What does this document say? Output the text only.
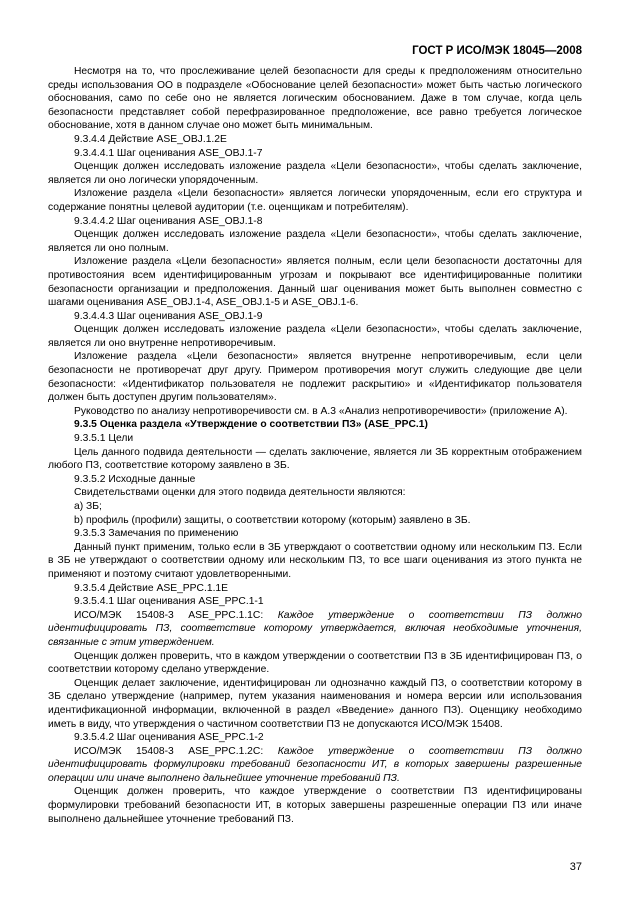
ГОСТ Р ИСО/МЭК 18045—2008

Несмотря на то, что прослеживание целей безопасности для среды к предположениям относительно среды использования ОО в подразделе «Обоснование целей безопасности» может быть частью логического обоснования, само по себе оно не является логическим обоснованием. Даже в том случае, когда цель безопасности представляет собой перефразированное предположение, все равно требуется логическое обоснование, хотя в данном случае оно может быть минимальным.

9.3.4.4 Действие ASE_OBJ.1.2E

9.3.4.4.1 Шаг оценивания ASE_OBJ.1-7

Оценщик должен исследовать изложение раздела «Цели безопасности», чтобы сделать заключение, является ли оно логически упорядоченным.

Изложение раздела «Цели безопасности» является логически упорядоченным, если его структура и содержание понятны целевой аудитории (т.е. оценщикам и потребителям).

9.3.4.4.2 Шаг оценивания ASE_OBJ.1-8

Оценщик должен исследовать изложение раздела «Цели безопасности», чтобы сделать заключение, является ли оно полным.

Изложение раздела «Цели безопасности» является полным, если цели безопасности достаточны для противостояния всем идентифицированным угрозам и покрывают все идентифицированные политики безопасности организации и предположения. Данный шаг оценивания может быть выполнен совместно с шагами оценивания ASE_OBJ.1-4, ASE_OBJ.1-5 и ASE_OBJ.1-6.

9.3.4.4.3 Шаг оценивания ASE_OBJ.1-9

Оценщик должен исследовать изложение раздела «Цели безопасности», чтобы сделать заключение, является ли оно внутренне непротиворечивым.

Изложение раздела «Цели безопасности» является внутренне непротиворечивым, если цели безопасности не противоречат друг другу. Примером противоречия могут служить следующие две цели безопасности: «Идентификатор пользователя не подлежит раскрытию» и «Идентификатор пользователя должен быть доступен другим пользователям».

Руководство по анализу непротиворечивости см. в А.3 «Анализ непротиворечивости» (приложение А).

9.3.5 Оценка раздела «Утверждение о соответствии ПЗ» (ASE_PPC.1)

9.3.5.1 Цели

Цель данного подвида деятельности — сделать заключение, является ли ЗБ корректным отображением любого ПЗ, соответствие которому заявлено в ЗБ.

9.3.5.2 Исходные данные

Свидетельствами оценки для этого подвида деятельности являются:

a) ЗБ;

b) профиль (профили) защиты, о соответствии которому (которым) заявлено в ЗБ.

9.3.5.3 Замечания по применению

Данный пункт применим, только если в ЗБ утверждают о соответствии одному или нескольким ПЗ. Если в ЗБ не утверждают о соответствии одному или нескольким ПЗ, то все шаги оценивания из этого пункта не применяют и поэтому считают удовлетворенными.

9.3.5.4 Действие ASE_PPC.1.1E

9.3.5.4.1 Шаг оценивания ASE_PPC.1-1

ИСО/МЭК 15408-3 ASE_PPC.1.1C: Каждое утверждение о соответствии ПЗ должно идентифицировать ПЗ, соответствие которому утверждается, включая необходимые уточнения, связанные с этим утверждением.

Оценщик должен проверить, что в каждом утверждении о соответствии ПЗ в ЗБ идентифицирован ПЗ, о соответствии которому сделано утверждение.

Оценщик делает заключение, идентифицирован ли однозначно каждый ПЗ, о соответствии которому в ЗБ сделано утверждение (например, путем указания наименования и номера версии или использования идентификационной информации, включенной в раздел «Введение» данного ПЗ). Оценщику необходимо иметь в виду, что утверждения о частичном соответствии ПЗ не допускаются ИСО/МЭК 15408.

9.3.5.4.2 Шаг оценивания ASE_PPC.1-2

ИСО/МЭК 15408-3 ASE_PPC.1.2C: Каждое утверждение о соответствии ПЗ должно идентифицировать формулировки требований безопасности ИТ, в которых завершены разрешенные операции или иначе выполнено дальнейшее уточнение требований ПЗ.

Оценщик должен проверить, что каждое утверждение о соответствии ПЗ идентифицированы формулировки требований безопасности ИТ, в которых завершены разрешенные операции ПЗ или иначе выполнено дальнейшее уточнение требований ПЗ.

37
